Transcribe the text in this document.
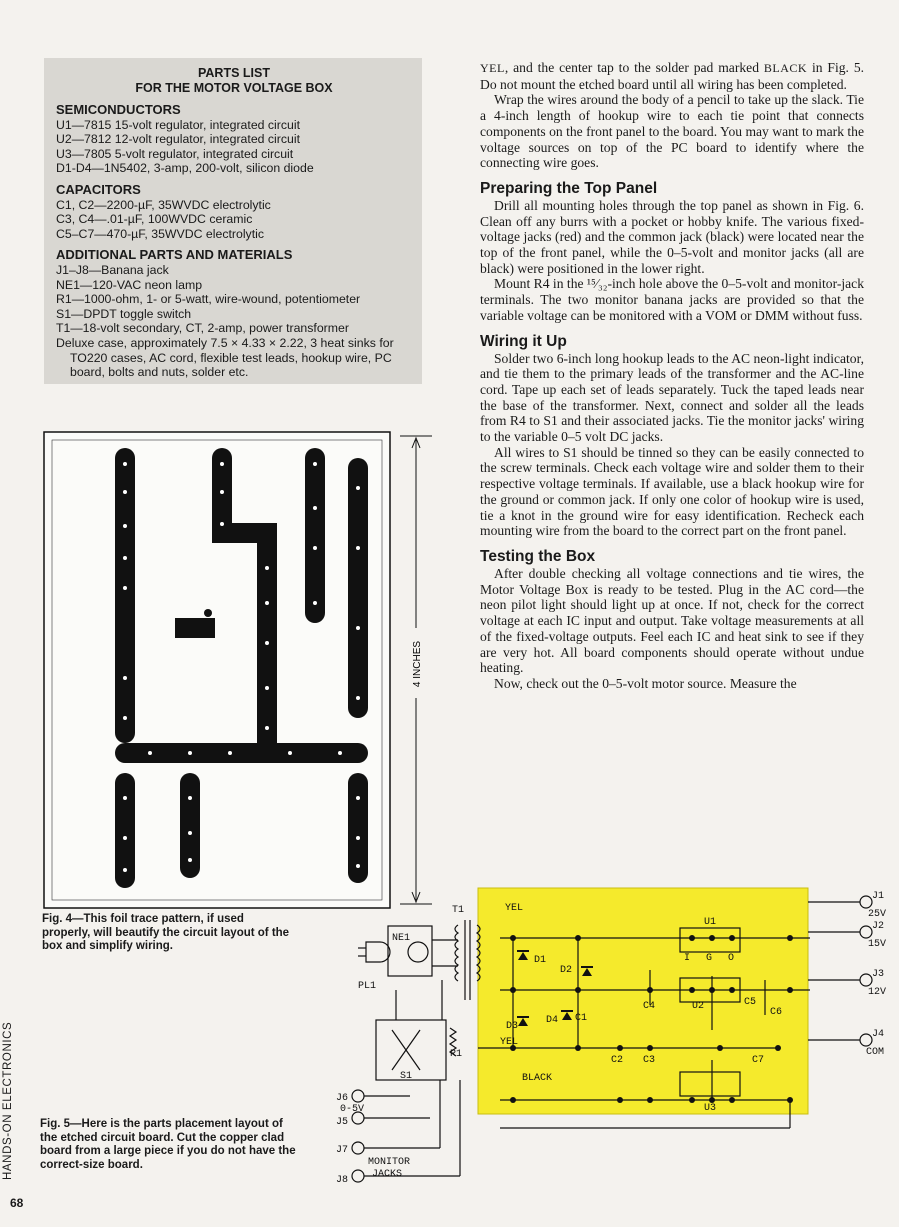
PARTS LIST
FOR THE MOTOR VOLTAGE BOX
SEMICONDUCTORS
U1—7815 15-volt regulator, integrated circuit
U2—7812 12-volt regulator, integrated circuit
U3—7805 5-volt regulator, integrated circuit
D1-D4—1N5402, 3-amp, 200-volt, silicon diode
CAPACITORS
C1, C2—2200-µF, 35WVDC electrolytic
C3, C4—.01-µF, 100WVDC ceramic
C5–C7—470-µF, 35WVDC electrolytic
ADDITIONAL PARTS AND MATERIALS
J1–J8—Banana jack
NE1—120-VAC neon lamp
R1—1000-ohm, 1- or 5-watt, wire-wound, potentiometer
S1—DPDT toggle switch
T1—18-volt secondary, CT, 2-amp, power transformer
Deluxe case, approximately 7.5 × 4.33 × 2.22, 3 heat sinks for TO220 cases, AC cord, flexible test leads, hookup wire, PC board, bolts and nuts, solder etc.
4 INCHES
Fig. 4—This foil trace pattern, if used properly, will beautify the circuit layout of the box and simplify wiring.

YEL, and the center tap to the solder pad marked BLACK in Fig. 5. Do not mount the etched board until all wiring has been completed.

Wrap the wires around the body of a pencil to take up the slack. Tie a 4-inch length of hookup wire to each tie point that connects components on the front panel to the board. You may want to mark the voltage sources on top of the PC board to identify where the connecting wire goes.

Preparing the Top Panel

Drill all mounting holes through the top panel as shown in Fig. 6. Clean off any burrs with a pocket or hobby knife. The various fixed-voltage jacks (red) and the common jack (black) were located near the top of the front panel, while the 0–5-volt and monitor jacks (all are black) were positioned in the lower right.

Mount R4 in the ¹⁵⁄₃₂-inch hole above the 0–5-volt and monitor-jack terminals. The two monitor banana jacks are provided so that the variable voltage can be monitored with a VOM or DMM without fuss.

Wiring it Up

Solder two 6-inch long hookup leads to the AC neon-light indicator, and tie them to the primary leads of the transformer and the AC-line cord. Tape up each set of leads separately. Tuck the taped leads near the base of the transformer. Next, connect and solder all the leads from R4 to S1 and their associated jacks. Tie the monitor jacks' wiring to the variable 0–5 volt DC jacks.

All wires to S1 should be tinned so they can be easily connected to the screw terminals. Check each voltage wire and solder them to their respective voltage terminals. If available, use a black hookup wire for the ground or common jack. If only one color of hookup wire is used, tie a knot in the ground wire for easy identification. Recheck each mounting wire from the board to the correct part on the front panel.

Testing the Box

After double checking all voltage connections and tie wires, the Motor Voltage Box is ready to be tested. Plug in the AC cord—the neon pilot light should light up at once. If not, check for the correct voltage at each IC input and output. Take voltage measurements at all of the fixed-voltage outputs. Feel each IC and heat sink to see if they are very hot. All board components should operate without undue heating.

Now, check out the 0–5-volt motor source. Measure the

YEL
YEL
BLACK
T1
NE1
PL1
S1
R1
D1
D2
D3
D4 C1
C2 C3
C4	C5
C6
C7
U1
U2
U3
I G O
J1
25V
J2
15V
J3
12V
J4
COM
J6
0-5V
J5
J7
J8
MONITOR
JACKS
Fig. 5—Here is the parts placement layout of the etched circuit board. Cut the copper clad board from a large piece if you do not have the correct-size board.
HANDS-ON ELECTRONICS
68
